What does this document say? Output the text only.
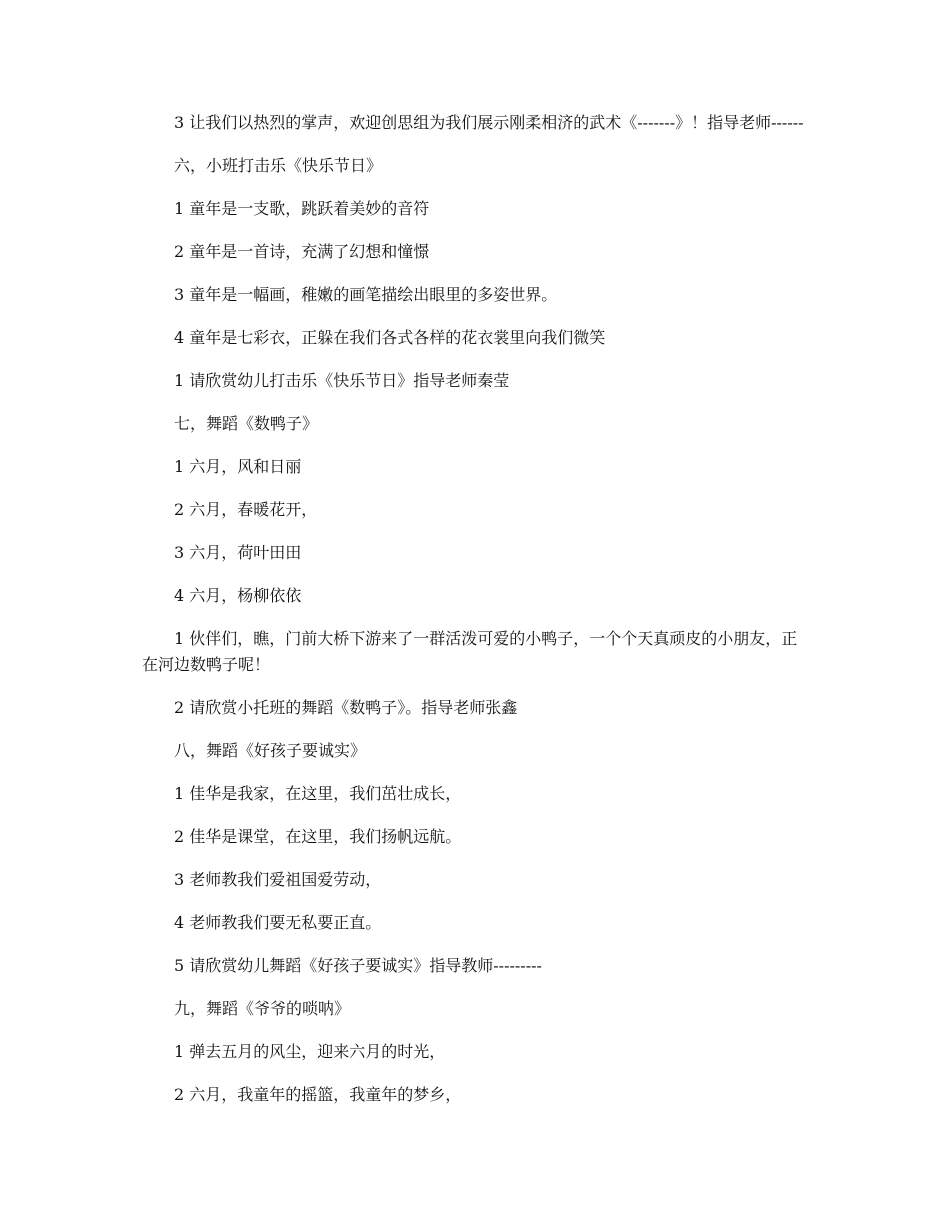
3 让我们以热烈的掌声，欢迎创思组为我们展示刚柔相济的武术《-------》！指导老师------

六，小班打击乐《快乐节日》

1 童年是一支歌，跳跃着美妙的音符

2 童年是一首诗，充满了幻想和憧憬

3 童年是一幅画，稚嫩的画笔描绘出眼里的多姿世界。

4 童年是七彩衣，正躲在我们各式各样的花衣裳里向我们微笑

1 请欣赏幼儿打击乐《快乐节日》指导老师秦莹

七，舞蹈《数鸭子》

1 六月，风和日丽

2 六月，春暖花开，

3 六月，荷叶田田

4 六月，杨柳依依

1 伙伴们，瞧，门前大桥下游来了一群活泼可爱的小鸭子，一个个天真顽皮的小朋友，正在河边数鸭子呢！

2 请欣赏小托班的舞蹈《数鸭子》。指导老师张鑫

八，舞蹈《好孩子要诚实》

1 佳华是我家，在这里，我们茁壮成长，

2 佳华是课堂，在这里，我们扬帆远航。

3 老师教我们爱祖国爱劳动，

4 老师教我们要无私要正直。

5 请欣赏幼儿舞蹈《好孩子要诚实》指导教师---------

九，舞蹈《爷爷的唢呐》

1 弹去五月的风尘，迎来六月的时光，

2 六月，我童年的摇篮，我童年的梦乡，
